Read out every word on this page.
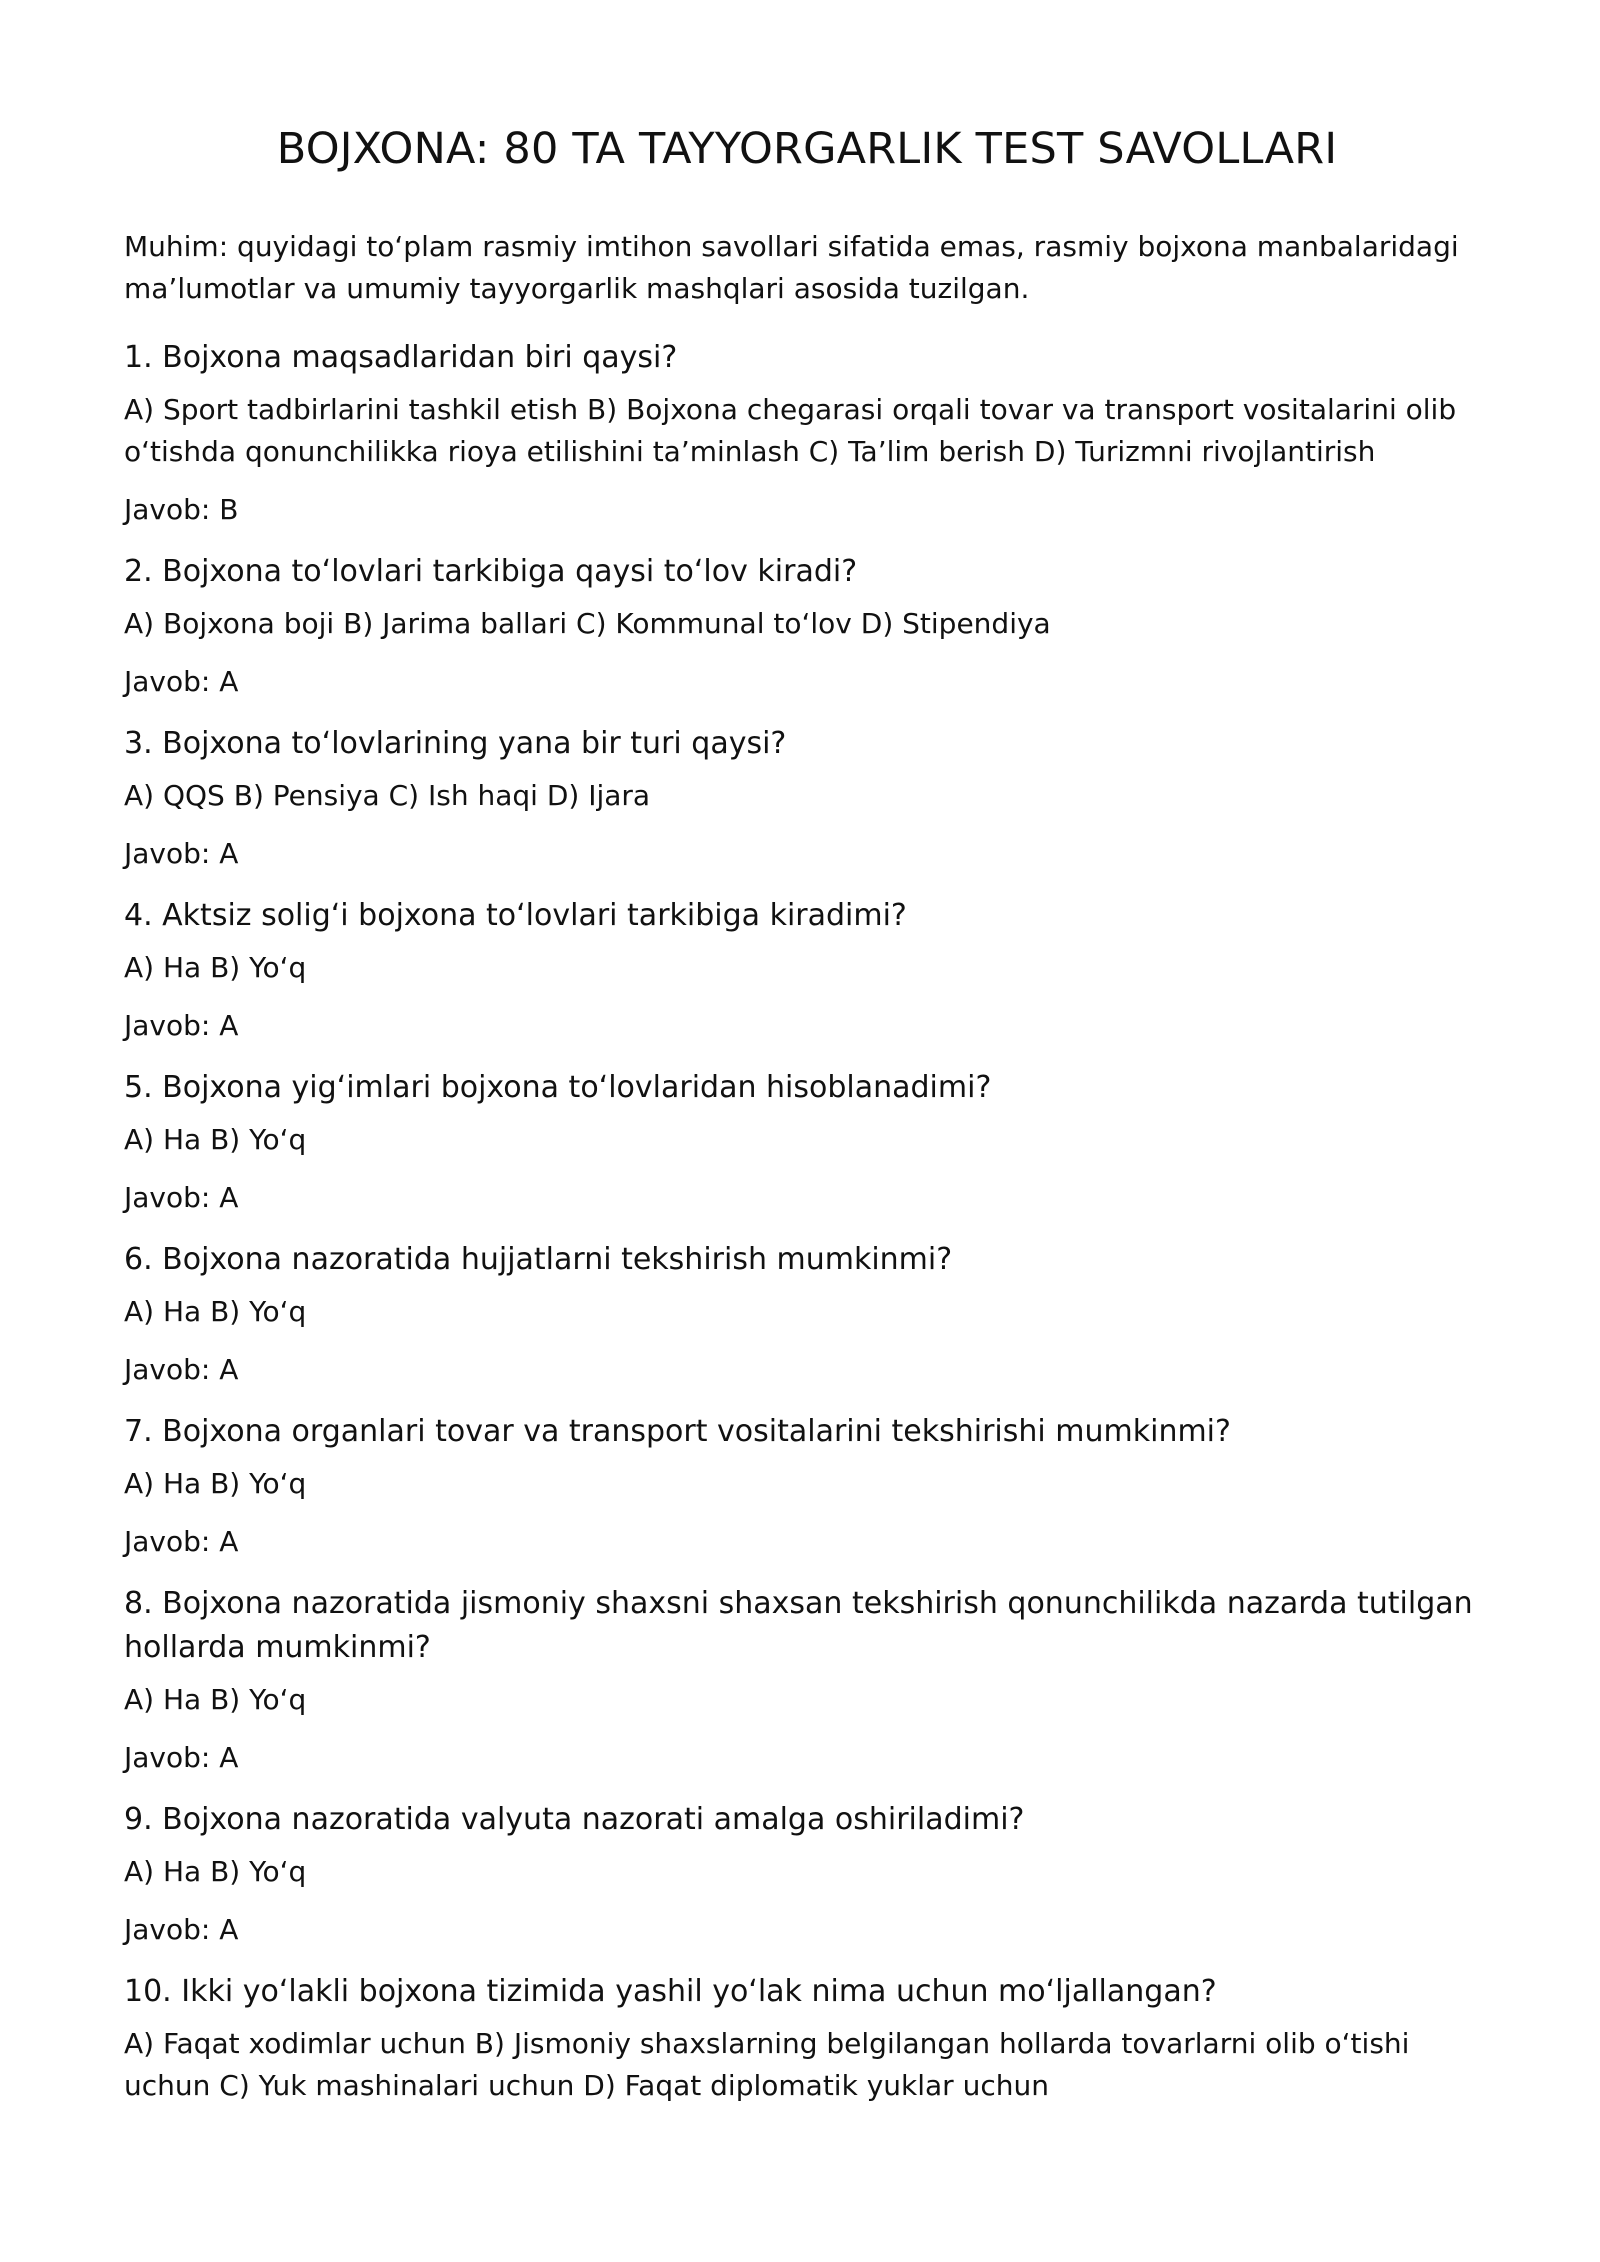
BOJXONA: 80 TA TAYYORGARLIK TEST SAVOLLARI

Muhim: quyidagi to‘plam rasmiy imtihon savollari sifatida emas, rasmiy bojxona manbalaridagi ma’lumotlar va umumiy tayyorgarlik mashqlari asosida tuzilgan.

1. Bojxona maqsadlaridan biri qaysi?

A) Sport tadbirlarini tashkil etish B) Bojxona chegarasi orqali tovar va transport vositalarini olib o‘tishda qonunchilikka rioya etilishini ta’minlash C) Ta’lim berish D) Turizmni rivojlantirish

Javob: B

2. Bojxona to‘lovlari tarkibiga qaysi to‘lov kiradi?

A) Bojxona boji B) Jarima ballari C) Kommunal to‘lov D) Stipendiya

Javob: A

3. Bojxona to‘lovlarining yana bir turi qaysi?

A) QQS B) Pensiya C) Ish haqi D) Ijara

Javob: A

4. Aktsiz solig‘i bojxona to‘lovlari tarkibiga kiradimi?

A) Ha B) Yo‘q

Javob: A

5. Bojxona yig‘imlari bojxona to‘lovlaridan hisoblanadimi?

A) Ha B) Yo‘q

Javob: A

6. Bojxona nazoratida hujjatlarni tekshirish mumkinmi?

A) Ha B) Yo‘q

Javob: A

7. Bojxona organlari tovar va transport vositalarini tekshirishi mumkinmi?

A) Ha B) Yo‘q

Javob: A

8. Bojxona nazoratida jismoniy shaxsni shaxsan tekshirish qonunchilikda nazarda tutilgan hollarda mumkinmi?

A) Ha B) Yo‘q

Javob: A

9. Bojxona nazoratida valyuta nazorati amalga oshiriladimi?

A) Ha B) Yo‘q

Javob: A

10. Ikki yo‘lakli bojxona tizimida yashil yo‘lak nima uchun mo‘ljallangan?

A) Faqat xodimlar uchun B) Jismoniy shaxslarning belgilangan hollarda tovarlarni olib o‘tishi uchun C) Yuk mashinalari uchun D) Faqat diplomatik yuklar uchun
